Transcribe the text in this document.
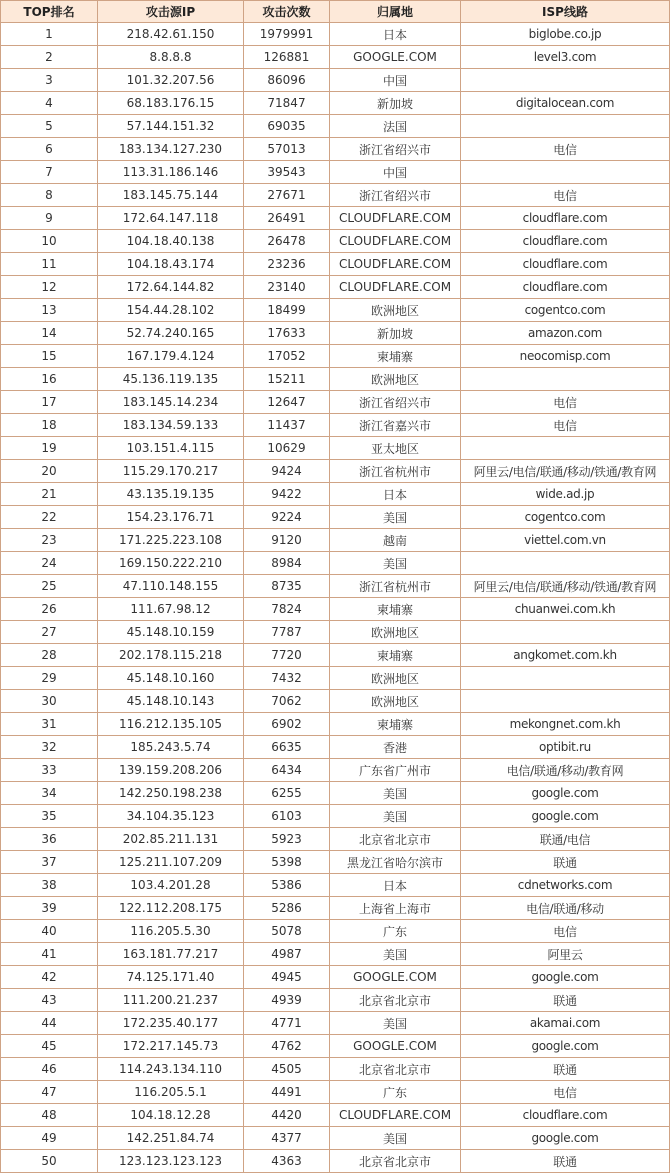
TOP排名	攻击源IP	攻击次数	归属地	ISP线路
1	218.42.61.150	1979991	日本	biglobe.co.jp
2	8.8.8.8	126881	GOOGLE.COM	level3.com
3	101.32.207.56	86096	中国	
4	68.183.176.15	71847	新加坡	digitalocean.com
5	57.144.151.32	69035	法国	
6	183.134.127.230	57013	浙江省绍兴市	电信
7	113.31.186.146	39543	中国	
8	183.145.75.144	27671	浙江省绍兴市	电信
9	172.64.147.118	26491	CLOUDFLARE.COM	cloudflare.com
10	104.18.40.138	26478	CLOUDFLARE.COM	cloudflare.com
11	104.18.43.174	23236	CLOUDFLARE.COM	cloudflare.com
12	172.64.144.82	23140	CLOUDFLARE.COM	cloudflare.com
13	154.44.28.102	18499	欧洲地区	cogentco.com
14	52.74.240.165	17633	新加坡	amazon.com
15	167.179.4.124	17052	柬埔寨	neocomisp.com
16	45.136.119.135	15211	欧洲地区	
17	183.145.14.234	12647	浙江省绍兴市	电信
18	183.134.59.133	11437	浙江省嘉兴市	电信
19	103.151.4.115	10629	亚太地区	
20	115.29.170.217	9424	浙江省杭州市	阿里云/电信/联通/移动/铁通/教育网
21	43.135.19.135	9422	日本	wide.ad.jp
22	154.23.176.71	9224	美国	cogentco.com
23	171.225.223.108	9120	越南	viettel.com.vn
24	169.150.222.210	8984	美国	
25	47.110.148.155	8735	浙江省杭州市	阿里云/电信/联通/移动/铁通/教育网
26	111.67.98.12	7824	柬埔寨	chuanwei.com.kh
27	45.148.10.159	7787	欧洲地区	
28	202.178.115.218	7720	柬埔寨	angkomet.com.kh
29	45.148.10.160	7432	欧洲地区	
30	45.148.10.143	7062	欧洲地区	
31	116.212.135.105	6902	柬埔寨	mekongnet.com.kh
32	185.243.5.74	6635	香港	optibit.ru
33	139.159.208.206	6434	广东省广州市	电信/联通/移动/教育网
34	142.250.198.238	6255	美国	google.com
35	34.104.35.123	6103	美国	google.com
36	202.85.211.131	5923	北京省北京市	联通/电信
37	125.211.107.209	5398	黑龙江省哈尔滨市	联通
38	103.4.201.28	5386	日本	cdnetworks.com
39	122.112.208.175	5286	上海省上海市	电信/联通/移动
40	116.205.5.30	5078	广东	电信
41	163.181.77.217	4987	美国	阿里云
42	74.125.171.40	4945	GOOGLE.COM	google.com
43	111.200.21.237	4939	北京省北京市	联通
44	172.235.40.177	4771	美国	akamai.com
45	172.217.145.73	4762	GOOGLE.COM	google.com
46	114.243.134.110	4505	北京省北京市	联通
47	116.205.5.1	4491	广东	电信
48	104.18.12.28	4420	CLOUDFLARE.COM	cloudflare.com
49	142.251.84.74	4377	美国	google.com
50	123.123.123.123	4363	北京省北京市	联通
